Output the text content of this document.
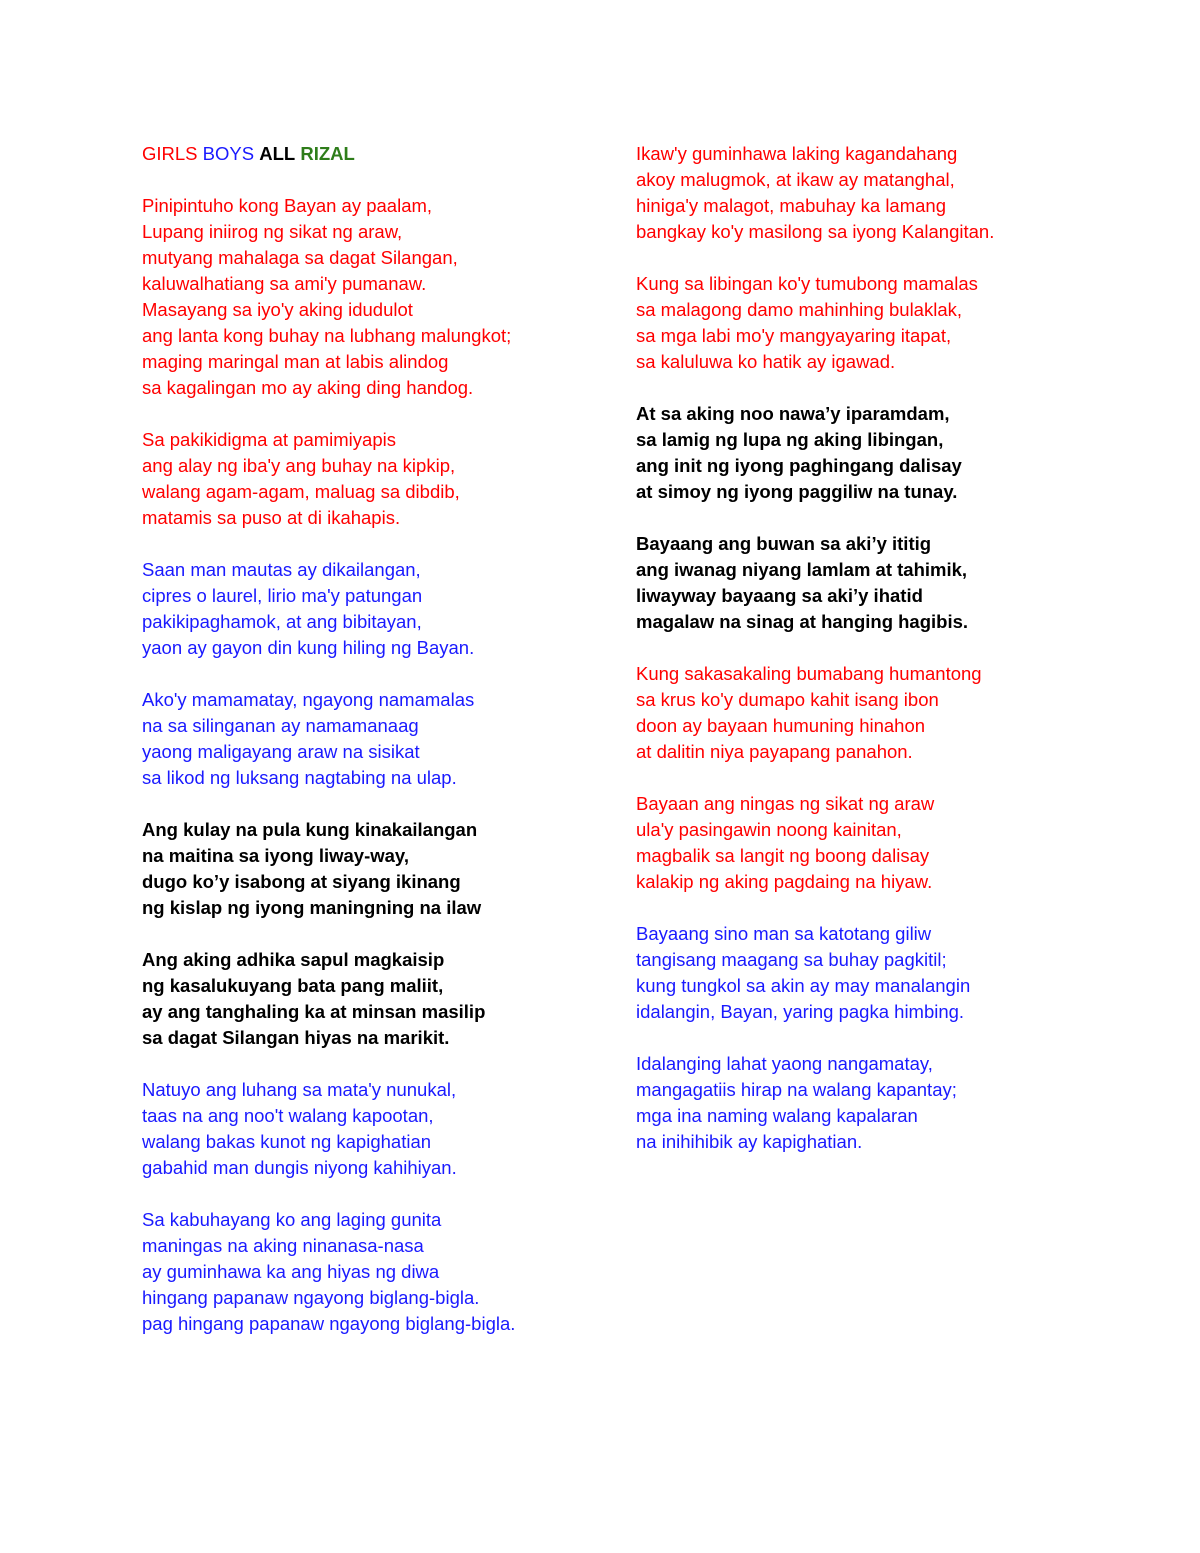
GIRLS BOYS ALL RIZAL
Pinipintuho kong Bayan ay paalam,
Lupang iniirog ng sikat ng araw,
mutyang mahalaga sa dagat Silangan,
kaluwalhatiang sa ami'y pumanaw.
Masayang sa iyo'y aking idudulot
ang lanta kong buhay na lubhang malungkot;
maging maringal man at labis alindog
sa kagalingan mo ay aking ding handog.
Sa pakikidigma at pamimiyapis
ang alay ng iba'y ang buhay na kipkip,
walang agam-agam, maluag sa dibdib,
matamis sa puso at di ikahapis.
Saan man mautas ay dikailangan,
cipres o laurel, lirio ma'y patungan
pakikipaghamok, at ang bibitayan,
yaon ay gayon din kung hiling ng Bayan.
Ako'y mamamatay, ngayong namamalas
na sa silinganan ay namamanaag
yaong maligayang araw na sisikat
sa likod ng luksang nagtabing na ulap.
Ang kulay na pula kung kinakailangan
na maitina sa iyong liway-way,
dugo ko’y isabong at siyang ikinang
ng kislap ng iyong maningning na ilaw
Ang aking adhika sapul magkaisip
ng kasalukuyang bata pang maliit,
ay ang tanghaling ka at minsan masilip
sa dagat Silangan hiyas na marikit.
Natuyo ang luhang sa mata'y nunukal,
taas na ang noo't walang kapootan,
walang bakas kunot ng kapighatian
gabahid man dungis niyong kahihiyan.
Sa kabuhayang ko ang laging gunita
maningas na aking ninanasa-nasa
ay guminhawa ka ang hiyas ng diwa
hingang papanaw ngayong biglang-bigla.
pag hingang papanaw ngayong biglang-bigla.
Ikaw'y guminhawa laking kagandahang
akoy malugmok, at ikaw ay matanghal,
hiniga'y malagot, mabuhay ka lamang
bangkay ko'y masilong sa iyong Kalangitan.
Kung sa libingan ko'y tumubong mamalas
sa malagong damo mahinhing bulaklak,
sa mga labi mo'y mangyayaring itapat,
sa kaluluwa ko hatik ay igawad.
At sa aking noo nawa’y iparamdam,
sa lamig ng lupa ng aking libingan,
ang init ng iyong paghingang dalisay
at simoy ng iyong paggiliw na tunay.
Bayaang ang buwan sa aki’y ititig
ang iwanag niyang lamlam at tahimik,
liwayway bayaang sa aki’y ihatid
magalaw na sinag at hanging hagibis.
Kung sakasakaling bumabang humantong
sa krus ko'y dumapo kahit isang ibon
doon ay bayaan humuning hinahon
at dalitin niya payapang panahon.
Bayaan ang ningas ng sikat ng araw
ula'y pasingawin noong kainitan,
magbalik sa langit ng boong dalisay
kalakip ng aking pagdaing na hiyaw.
Bayaang sino man sa katotang giliw
tangisang maagang sa buhay pagkitil;
kung tungkol sa akin ay may manalangin
idalangin, Bayan, yaring pagka himbing.
Idalanging lahat yaong nangamatay,
mangagatiis hirap na walang kapantay;
mga ina naming walang kapalaran
na inihihibik ay kapighatian.
